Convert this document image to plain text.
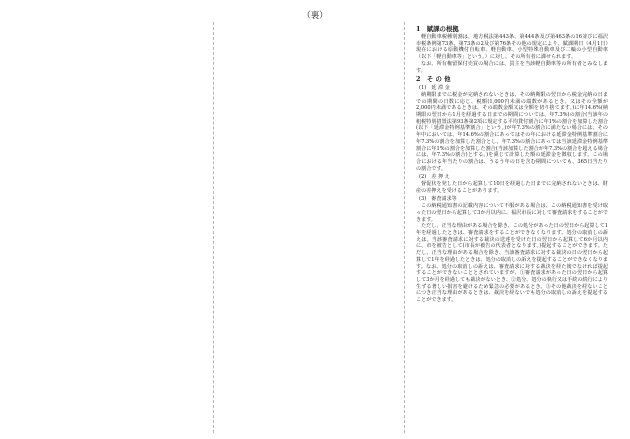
（裏）
1　賦課の根拠

軽自動車税種別割は、地方税法第443条、第444条及び第463条の16並びに福沢市税条例第73条、第73条の2及び第76条その他の規定により、賦課期日（4月1日）現在における原動機付自転車、軽自動車、小型特殊自動車及び二輪の小型自動車（以下「軽自動車等」という。）に対し、その所有者に課せられます。

なお、所有権留保付売買の場合には、買主を当該軽自動車等の所有者とみなします。

2　そ の 他
(1)　延 滞 金

納期限までに税金が完納されないときは、その納期限の翌日から税金完納の日までの期間の日数に応じ、税額(1,000円未満の端数があるとき、又はその全額が2,000円未満であるときは、その端数金額又は全額を切り捨てます。)に年14.6%(納期限の翌日から1月を経過する日までの期間については、年7.3%)の割合(当該年の租税特別措置法第93条第2項に規定する平均貸付割合に年1%の割合を加算した割合(以下「延滞金特例基準割合」という。)が年7.3%の割合に満たない場合には、その年中においては、年14.6%の割合にあってはその年における延滞金特例基準割合に年7.3%の割合を加算した割合とし、年7.3%の割合にあっては当該延滞金特例基準割合に年1%の割合を加算した割合(当該加算した割合が年7.3%の割合を超える場合には、年7.3%の割合)とする。)を乗じて計算した額の延滞金を徴収します。この場合における年当たりの割合は、うるう年の日を含む期間についても、365日当たりの割合です。

(2)　差 押 え

督促状を発した日から起算して10日を経過した日までに完納されないときは、財産の差押えを受けることがあります。

(3)　審査請求等

この納税通知書の記載内容について不服がある場合は、この納税通知書を受け取った日の翌日から起算して3か月以内に、福沢市長に対して審査請求をすることができます。

ただし、正当な理由がある場合を除き、この処分があった日の翌日から起算して1年を経過したときは、審査請求をすることができなくなります。処分の取消しの訴えは、当該審査請求に対する裁決の送達を受けた日の翌日から起算して6か月以内に、市を被告として(市長が被告の代表者となります。)提起することができます。ただし、正当な理由がある場合を除き、当該審査請求に対する裁決の日の翌日から起算して1年を経過したときは、処分の取消しの訴えを提起することができなくなります。なお、処分の取消しの訴えは、審査請求に対する裁決を経た後でなければ提起することができないこととされていますが、①審査請求があった日の翌日から起算して3か月を経過しても裁決がないとき、②処分、処分の執行又は手続の続行により生ずる著しい損害を避けるため緊急の必要があるとき、③その他裁決を経ないことにつき正当な理由があるときは、裁決を経ないでも処分の取消しの訴えを提起することができます。
